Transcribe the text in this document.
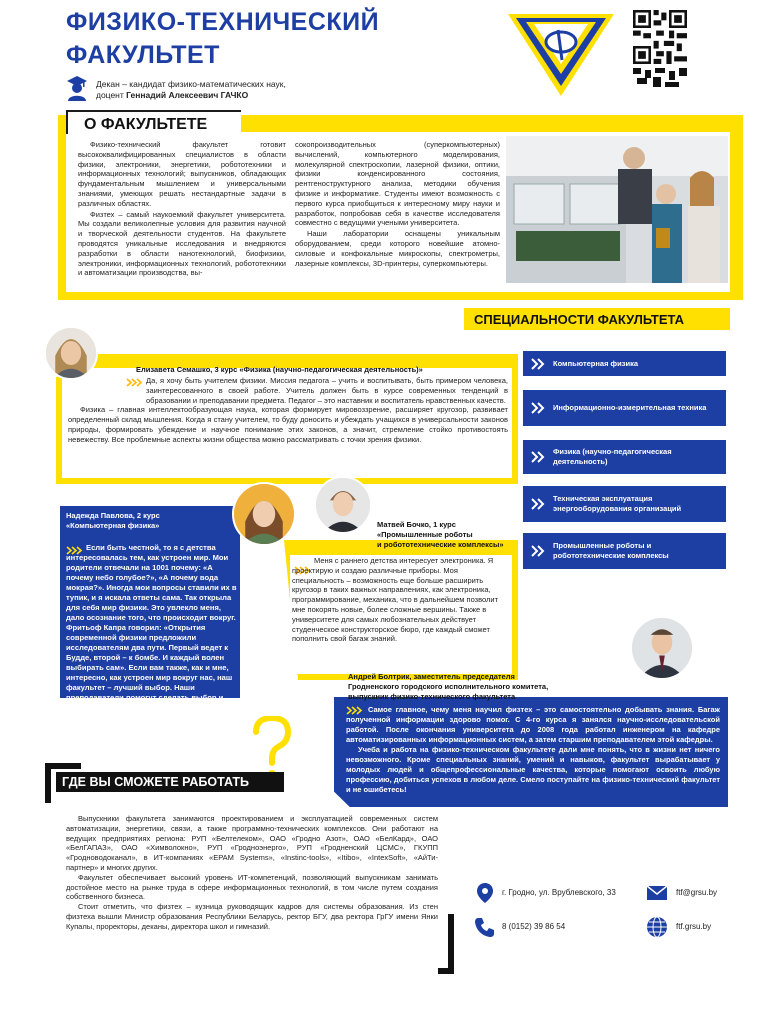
ФИЗИКО-ТЕХНИЧЕСКИЙ
ФАКУЛЬТЕТ
Декан – кандидат физико-математических наук,
доцент Геннадий Алексеевич ГАЧКО
О ФАКУЛЬТЕТЕ

Физико-технический факультет готовит высококвалифицированных специалистов в области физики, электроники, энергетики, робототехники и информационных технологий; выпускников, обладающих фундаментальным мышлением и универсальными знаниями, умеющих решать нестандартные задачи в различных областях.

Физтех – самый наукоемкий факультет университета. Мы создали великолепные условия для развития научной и творческой деятельности студентов. На факультете проводятся уникальные исследования и внедряются разработки в области нанотехнологий, биофизики, электроники, информационных технологий, робототехники и автоматизации производства, вы-

сокопроизводительных (суперкомпьютерных) вычислений, компьютерного моделирования, молекулярной спектроскопии, лазерной физики, оптики, физики конденсированного состояния, рентгеноструктурного анализа, методики обучения физике и информатике. Студенты имеют возможность с первого курса приобщиться к интересному миру науки и разработок, попробовав себя в качестве исследователя совместно с ведущими учеными университета.

Наши лаборатории оснащены уникальным оборудованием, среди которого новейшие атомно-силовые и конфокальные микроскопы, спектрометры, лазерные комплексы, 3D-принтеры, суперкомпьютеры.

СПЕЦИАЛЬНОСТИ ФАКУЛЬТЕТА
Компьютерная физика
Информационно-измерительная техника
Физика (научно-педагогическая деятельность)
Техническая эксплуатация энергооборудования организаций
Промышленные роботы и робототехнические комплексы
Елизавета Семашко, 3 курс «Физика (научно-педагогическая деятельность)»

Да, я хочу быть учителем физики. Миссия педагога – учить и воспитывать, быть примером человека, заинтересованного в своей работе. Учитель должен быть в курсе современных тенденций в образовании и преподавании предмета. Педагог – это наставник и воспитатель нравственных качеств.

Физика – главная интеллектообразующая наука, которая формирует мировоззрение, расширяет кругозор, развивает определенный склад мышления. Когда я стану учителем, то буду доносить и убеждать учащихся в универсальности законов природы, формировать убеждение и научное понимание этих законов, а значит, стремление стойко противостоять невежеству. Все проблемные аспекты жизни общества можно рассматривать с точки зрения физики.

Надежда Павлова, 2 курс
«Компьютерная физика»
Если быть честной, то я с детства интересовалась тем, как устроен мир. Мои родители отвечали на 1001 почему: «А почему небо голубое?», «А почему вода мокрая?». Иногда мои вопросы ставили их в тупик, и я искала ответы сама. Так открыла для себя мир физики. Это увлекло меня, дало осознание того, что происходит вокруг. Фритьоф Капра говорил: «Открытия современной физики предложили исследователям два пути. Первый ведет к Будде, второй – к бомбе. И каждый волен выбирать сам». Если вам также, как и мне, интересно, как устроен мир вокруг нас, наш факультет – лучший выбор. Наши преподаватели помогут сделать выбор и дадут необходимые знания.
Матвей Бочко, 1 курс
«Промышленные роботы
и робототехнические комплексы»
Меня с раннего детства интересует электроника. Я проектирую и создаю различные приборы. Моя специальность – возможность еще больше расширить кругозор в таких важных направлениях, как электроника, программирование, механика, что в дальнейшем позволит мне покорять новые, более сложные вершины. Также в университете для самых любознательных действует студенческое конструкторское бюро, где каждый сможет пополнить свой багаж знаний.
Андрей Болтрик, заместитель председателя
Гродненского городского исполнительного комитета,
выпускник физико-технического факультета

Самое главное, чему меня научил физтех – это самостоятельно добывать знания. Багаж полученной информации здорово помог. С 4-го курса я занялся научно-исследовательской работой. После окончания университета до 2008 года работал инженером на кафедре автоматизированных информационных систем, а затем старшим преподавателем этой кафедры.

Учеба и работа на физико-техническом факультете дали мне понять, что в жизни нет ничего невозможного. Кроме специальных знаний, умений и навыков, факультет вырабатывает у молодых людей и общепрофессиональные качества, которые помогают освоить любую профессию, добиться успехов в любом деле. Смело поступайте на физико-технический факультет и не ошибетесь!

ГДЕ ВЫ СМОЖЕТЕ РАБОТАТЬ

Выпускники факультета занимаются проектированием и эксплуатацией современных систем автоматизации, энергетики, связи, а также программно-технических комплексов. Они работают на ведущих предприятиях региона: РУП «Белтелеком», ОАО «Гродно Азот», ОАО «БелКард», ОАО «БелГАПАЗ», ОАО «Химволокно», РУП «Гродноэнерго», РУП «Гродненский ЦСМС», ГКУПП «Гродноводоканал», в ИТ-компаниях «EPAM Systems», «Instinc-tools», «Itibo», «IntexSoft», «АйТи-партнер» и многих других.

Факультет обеспечивает высокий уровень ИТ-компетенций, позволяющий выпускникам занимать достойное место на рынке труда в сфере информационных технологий, в том числе путем создания собственного бизнеса.

Стоит отметить, что физтех – кузница руководящих кадров для системы образования. Из стен физтеха вышли Министр образования Республики Беларусь, ректор БГУ, два ректора ГрГУ имени Янки Купалы, проректоры, деканы, директора школ и гимназий.

г. Гродно, ул. Врублевского, 33	ftf@grsu.by
8 (0152) 39 86 54	ftf.grsu.by
